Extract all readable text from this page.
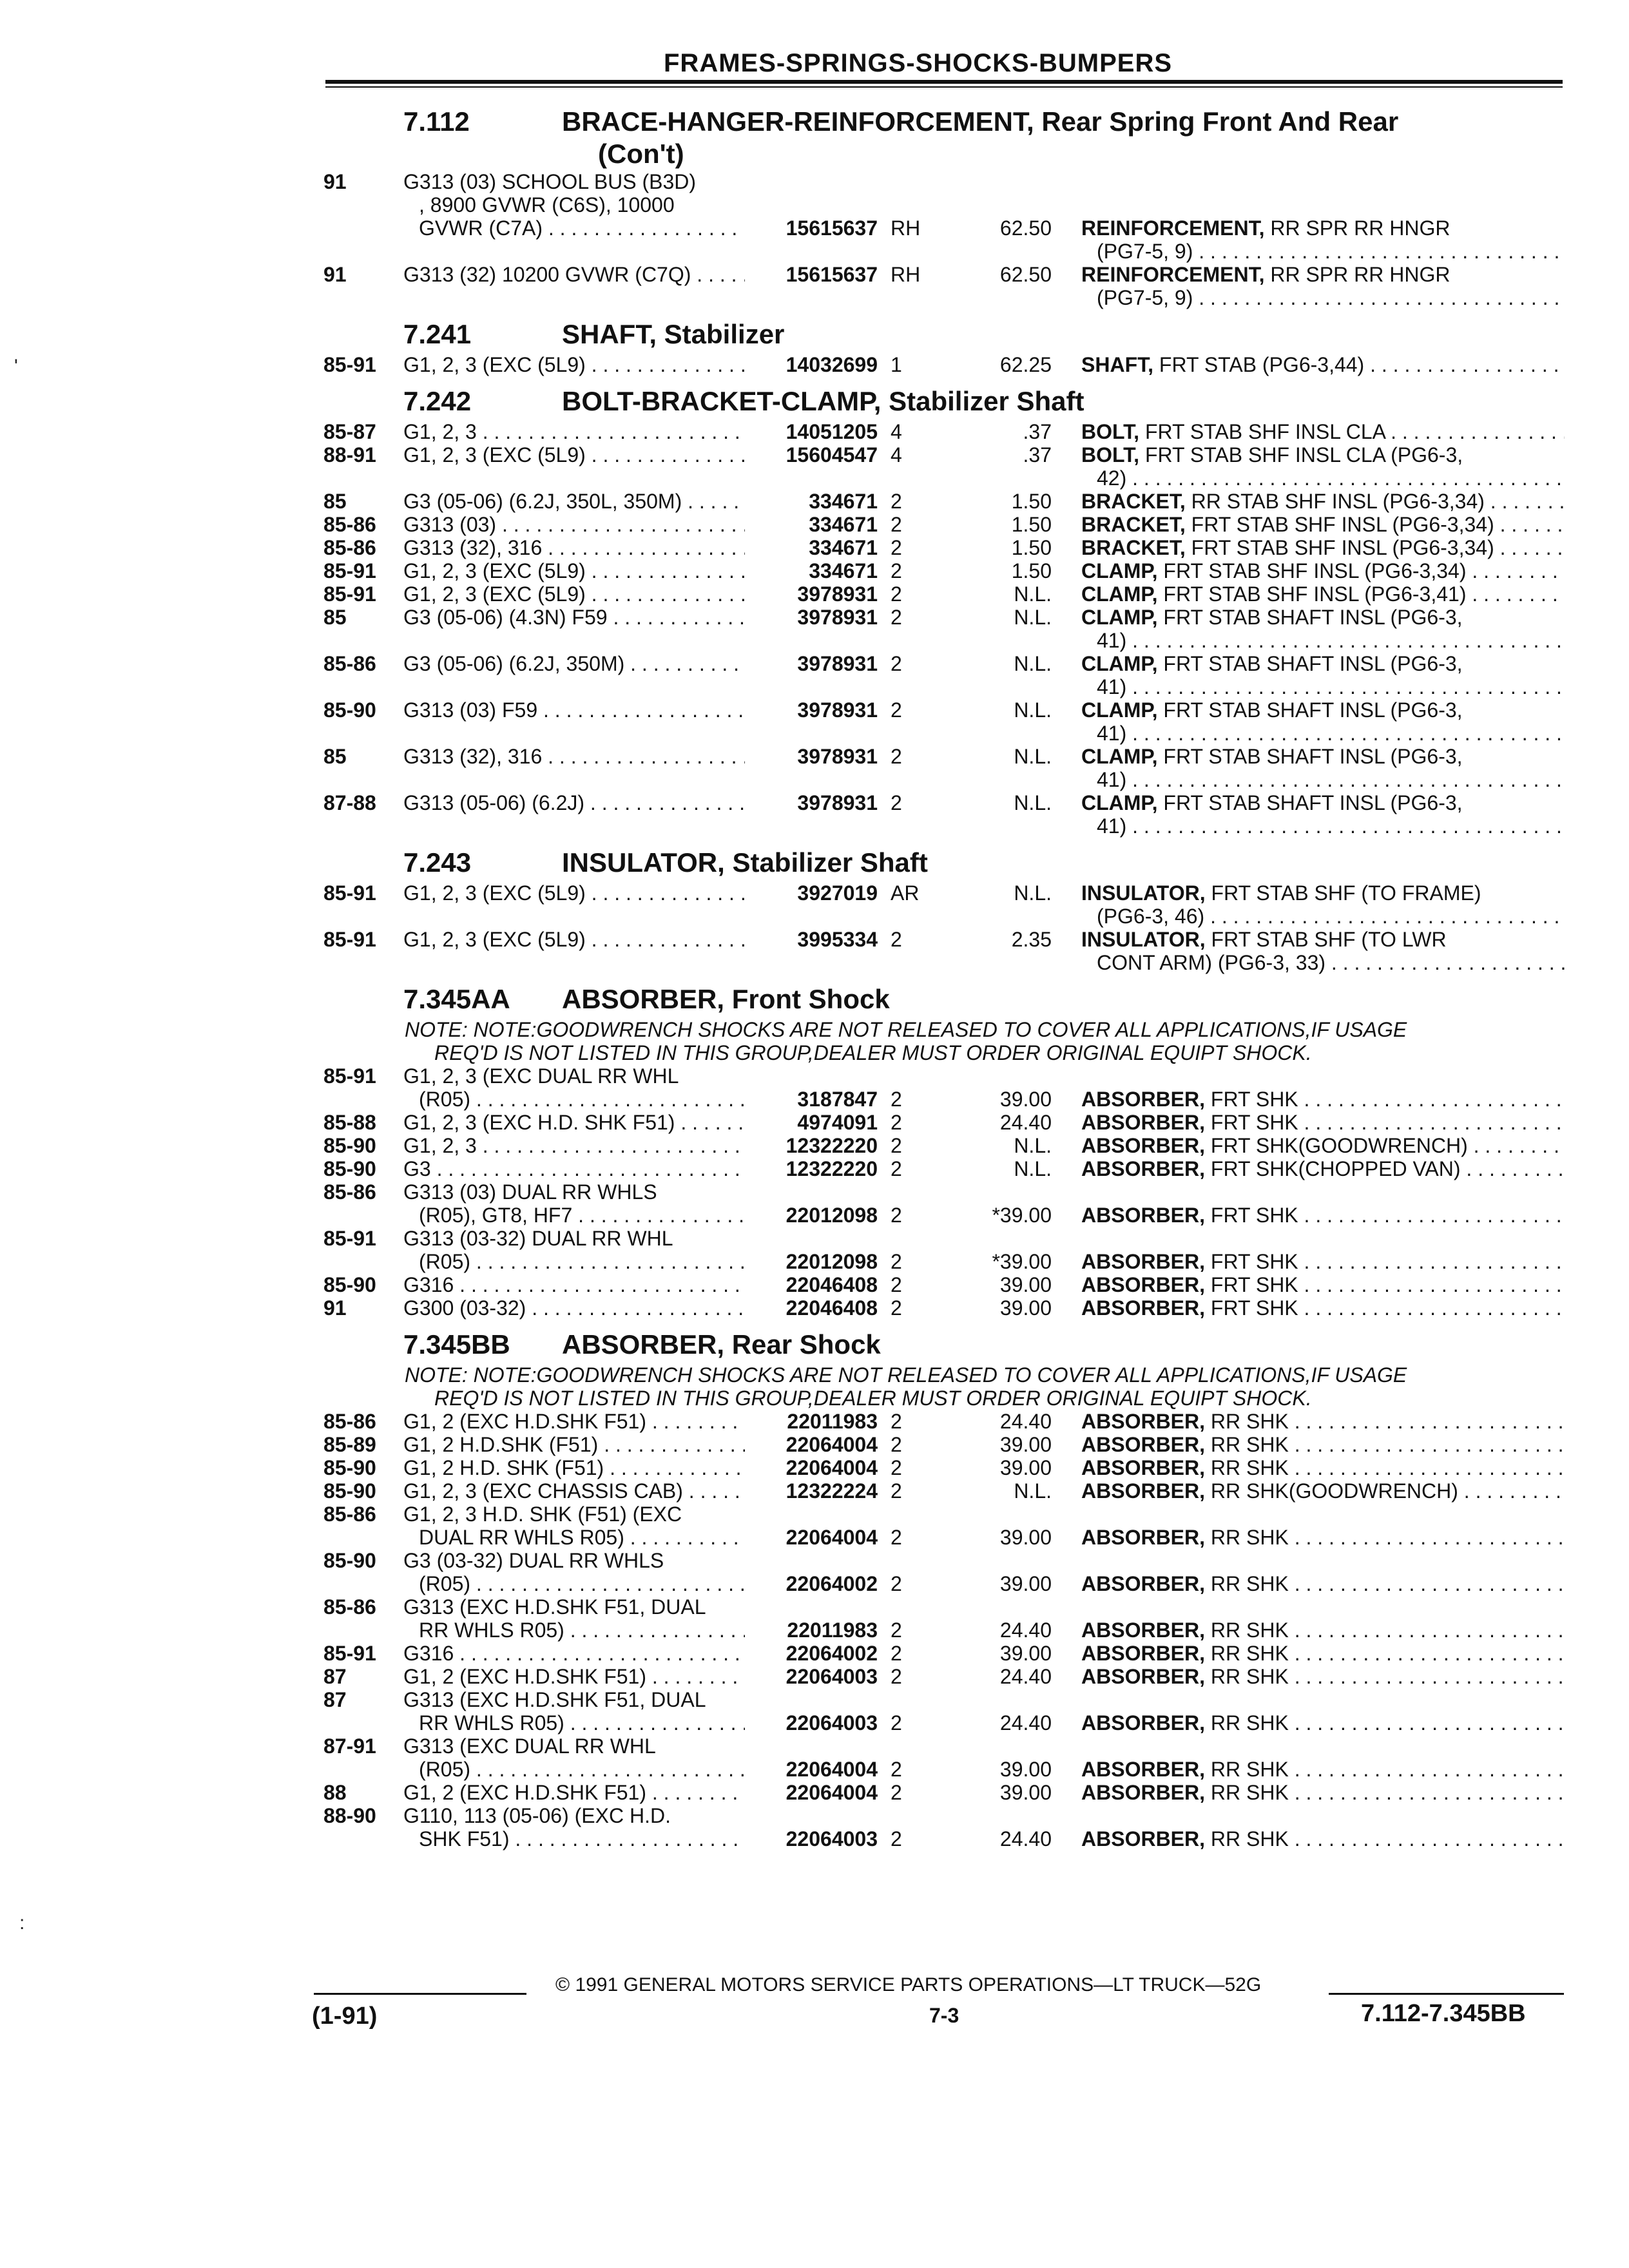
FRAMES-SPRINGS-SHOCKS-BUMPERS
7.112	BRACE-HANGER-REINFORCEMENT, Rear Spring Front And Rear
(Con't)
91	G313 (03) SCHOOL BUS (B3D)
, 8900 GVWR (C6S), 10000
GVWR (C7A) . . .	15615637 RH	62.50 REINFORCEMENT, RR SPR RR HNGR
(PG7-5, 9) . . .
91	G313 (32) 10200 GVWR (C7Q) . . .	15615637 RH	62.50 REINFORCEMENT, RR SPR RR HNGR
(PG7-5, 9) . . .
7.241	SHAFT, Stabilizer
85-91 G1, 2, 3 (EXC (5L9) . . .	14032699 1	62.25 SHAFT, FRT STAB (PG6-3,44) . . .
7.242	BOLT-BRACKET-CLAMP, Stabilizer Shaft
85-87 G1, 2, 3 . . .	14051205 4	.37 BOLT, FRT STAB SHF INSL CLA . . .
88-91 G1, 2, 3 (EXC (5L9) . . .	15604547 4	.37 BOLT, FRT STAB SHF INSL CLA (PG6-3,
42) . . .
85	G3 (05-06) (6.2J, 350L, 350M) . . .	334671 2	1.50 BRACKET, RR STAB SHF INSL (PG6-3,34) . . .
85-86 G313 (03) . . .	334671 2	1.50 BRACKET, FRT STAB SHF INSL (PG6-3,34) . . .
85-86 G313 (32), 316 . . .	334671 2	1.50 BRACKET, FRT STAB SHF INSL (PG6-3,34) . . .
85-91 G1, 2, 3 (EXC (5L9) . . .	334671 2	1.50 CLAMP, FRT STAB SHF INSL (PG6-3,34) . . .
85-91 G1, 2, 3 (EXC (5L9) . . .	3978931 2	N.L. CLAMP, FRT STAB SHF INSL (PG6-3,41) . . .
85	G3 (05-06) (4.3N) F59 . . .	3978931 2	N.L. CLAMP, FRT STAB SHAFT INSL (PG6-3,
41) . . .
85-86 G3 (05-06) (6.2J, 350M) . . .	3978931 2	N.L. CLAMP, FRT STAB SHAFT INSL (PG6-3,
41) . . .
85-90 G313 (03) F59 . . .	3978931 2	N.L. CLAMP, FRT STAB SHAFT INSL (PG6-3,
41) . . .
85	G313 (32), 316 . . .	3978931 2	N.L. CLAMP, FRT STAB SHAFT INSL (PG6-3,
41) . . .
87-88 G313 (05-06) (6.2J) . . .	3978931 2	N.L. CLAMP, FRT STAB SHAFT INSL (PG6-3,
41) . . .
7.243	INSULATOR, Stabilizer Shaft
85-91 G1, 2, 3 (EXC (5L9) . . .	3927019 AR	N.L. INSULATOR, FRT STAB SHF (TO FRAME)
(PG6-3, 46) . . .
85-91 G1, 2, 3 (EXC (5L9) . . .	3995334 2	2.35 INSULATOR, FRT STAB SHF (TO LWR
CONT ARM) (PG6-3, 33) . . .
7.345AA ABSORBER, Front Shock
NOTE: NOTE:GOODWRENCH SHOCKS ARE NOT RELEASED TO COVER ALL APPLICATIONS,IF USAGE
REQ'D IS NOT LISTED IN THIS GROUP,DEALER MUST ORDER ORIGINAL EQUIPT SHOCK.
85-91 G1, 2, 3 (EXC DUAL RR WHL
(R05) . . .	3187847 2	39.00 ABSORBER, FRT SHK . . .
85-88 G1, 2, 3 (EXC H.D. SHK F51) . . .	4974091 2	24.40 ABSORBER, FRT SHK . . .
85-90 G1, 2, 3 . . .	12322220 2	N.L. ABSORBER, FRT SHK(GOODWRENCH) . . .
85-90 G3 . . .	12322220 2	N.L. ABSORBER, FRT SHK(CHOPPED VAN) . . .
85-86 G313 (03) DUAL RR WHLS
(R05), GT8, HF7 . . .	22012098 2	*39.00 ABSORBER, FRT SHK . . .
85-91 G313 (03-32) DUAL RR WHL
(R05) . . .	22012098 2	*39.00 ABSORBER, FRT SHK . . .
85-90 G316 . . .	22046408 2	39.00 ABSORBER, FRT SHK . . .
91	G300 (03-32) . . .	22046408 2	39.00 ABSORBER, FRT SHK . . .
7.345BB ABSORBER, Rear Shock
NOTE: NOTE:GOODWRENCH SHOCKS ARE NOT RELEASED TO COVER ALL APPLICATIONS,IF USAGE
REQ'D IS NOT LISTED IN THIS GROUP,DEALER MUST ORDER ORIGINAL EQUIPT SHOCK.
85-86 G1, 2 (EXC H.D.SHK F51) . . .	22011983 2	24.40 ABSORBER, RR SHK . . .
85-89 G1, 2 H.D.SHK (F51) . . .	22064004 2	39.00 ABSORBER, RR SHK . . .
85-90 G1, 2 H.D. SHK (F51) . . .	22064004 2	39.00 ABSORBER, RR SHK . . .
85-90 G1, 2, 3 (EXC CHASSIS CAB) . . .	12322224 2	N.L. ABSORBER, RR SHK(GOODWRENCH) . . .
85-86 G1, 2, 3 H.D. SHK (F51) (EXC
DUAL RR WHLS R05) . . .	22064004 2	39.00 ABSORBER, RR SHK . . .
85-90 G3 (03-32) DUAL RR WHLS
(R05) . . .	22064002 2	39.00 ABSORBER, RR SHK . . .
85-86 G313 (EXC H.D.SHK F51, DUAL
RR WHLS R05) . . .	22011983 2	24.40 ABSORBER, RR SHK . . .
85-91 G316 . . .	22064002 2	39.00 ABSORBER, RR SHK . . .
87	G1, 2 (EXC H.D.SHK F51) . . .	22064003 2	24.40 ABSORBER, RR SHK . . .
87	G313 (EXC H.D.SHK F51, DUAL
RR WHLS R05) . . .	22064003 2	24.40 ABSORBER, RR SHK . . .
87-91 G313 (EXC DUAL RR WHL
(R05) . . .	22064004 2	39.00 ABSORBER, RR SHK . . .
88	G1, 2 (EXC H.D.SHK F51) . . .	22064004 2	39.00 ABSORBER, RR SHK . . .
88-90 G110, 113 (05-06) (EXC H.D.
SHK F51) . . .	22064003 2	24.40 ABSORBER, RR SHK . . .
© 1991 GENERAL MOTORS SERVICE PARTS OPERATIONS—LT TRUCK—52G
(1-91)	7-3	7.112-7.345BB
'
:
